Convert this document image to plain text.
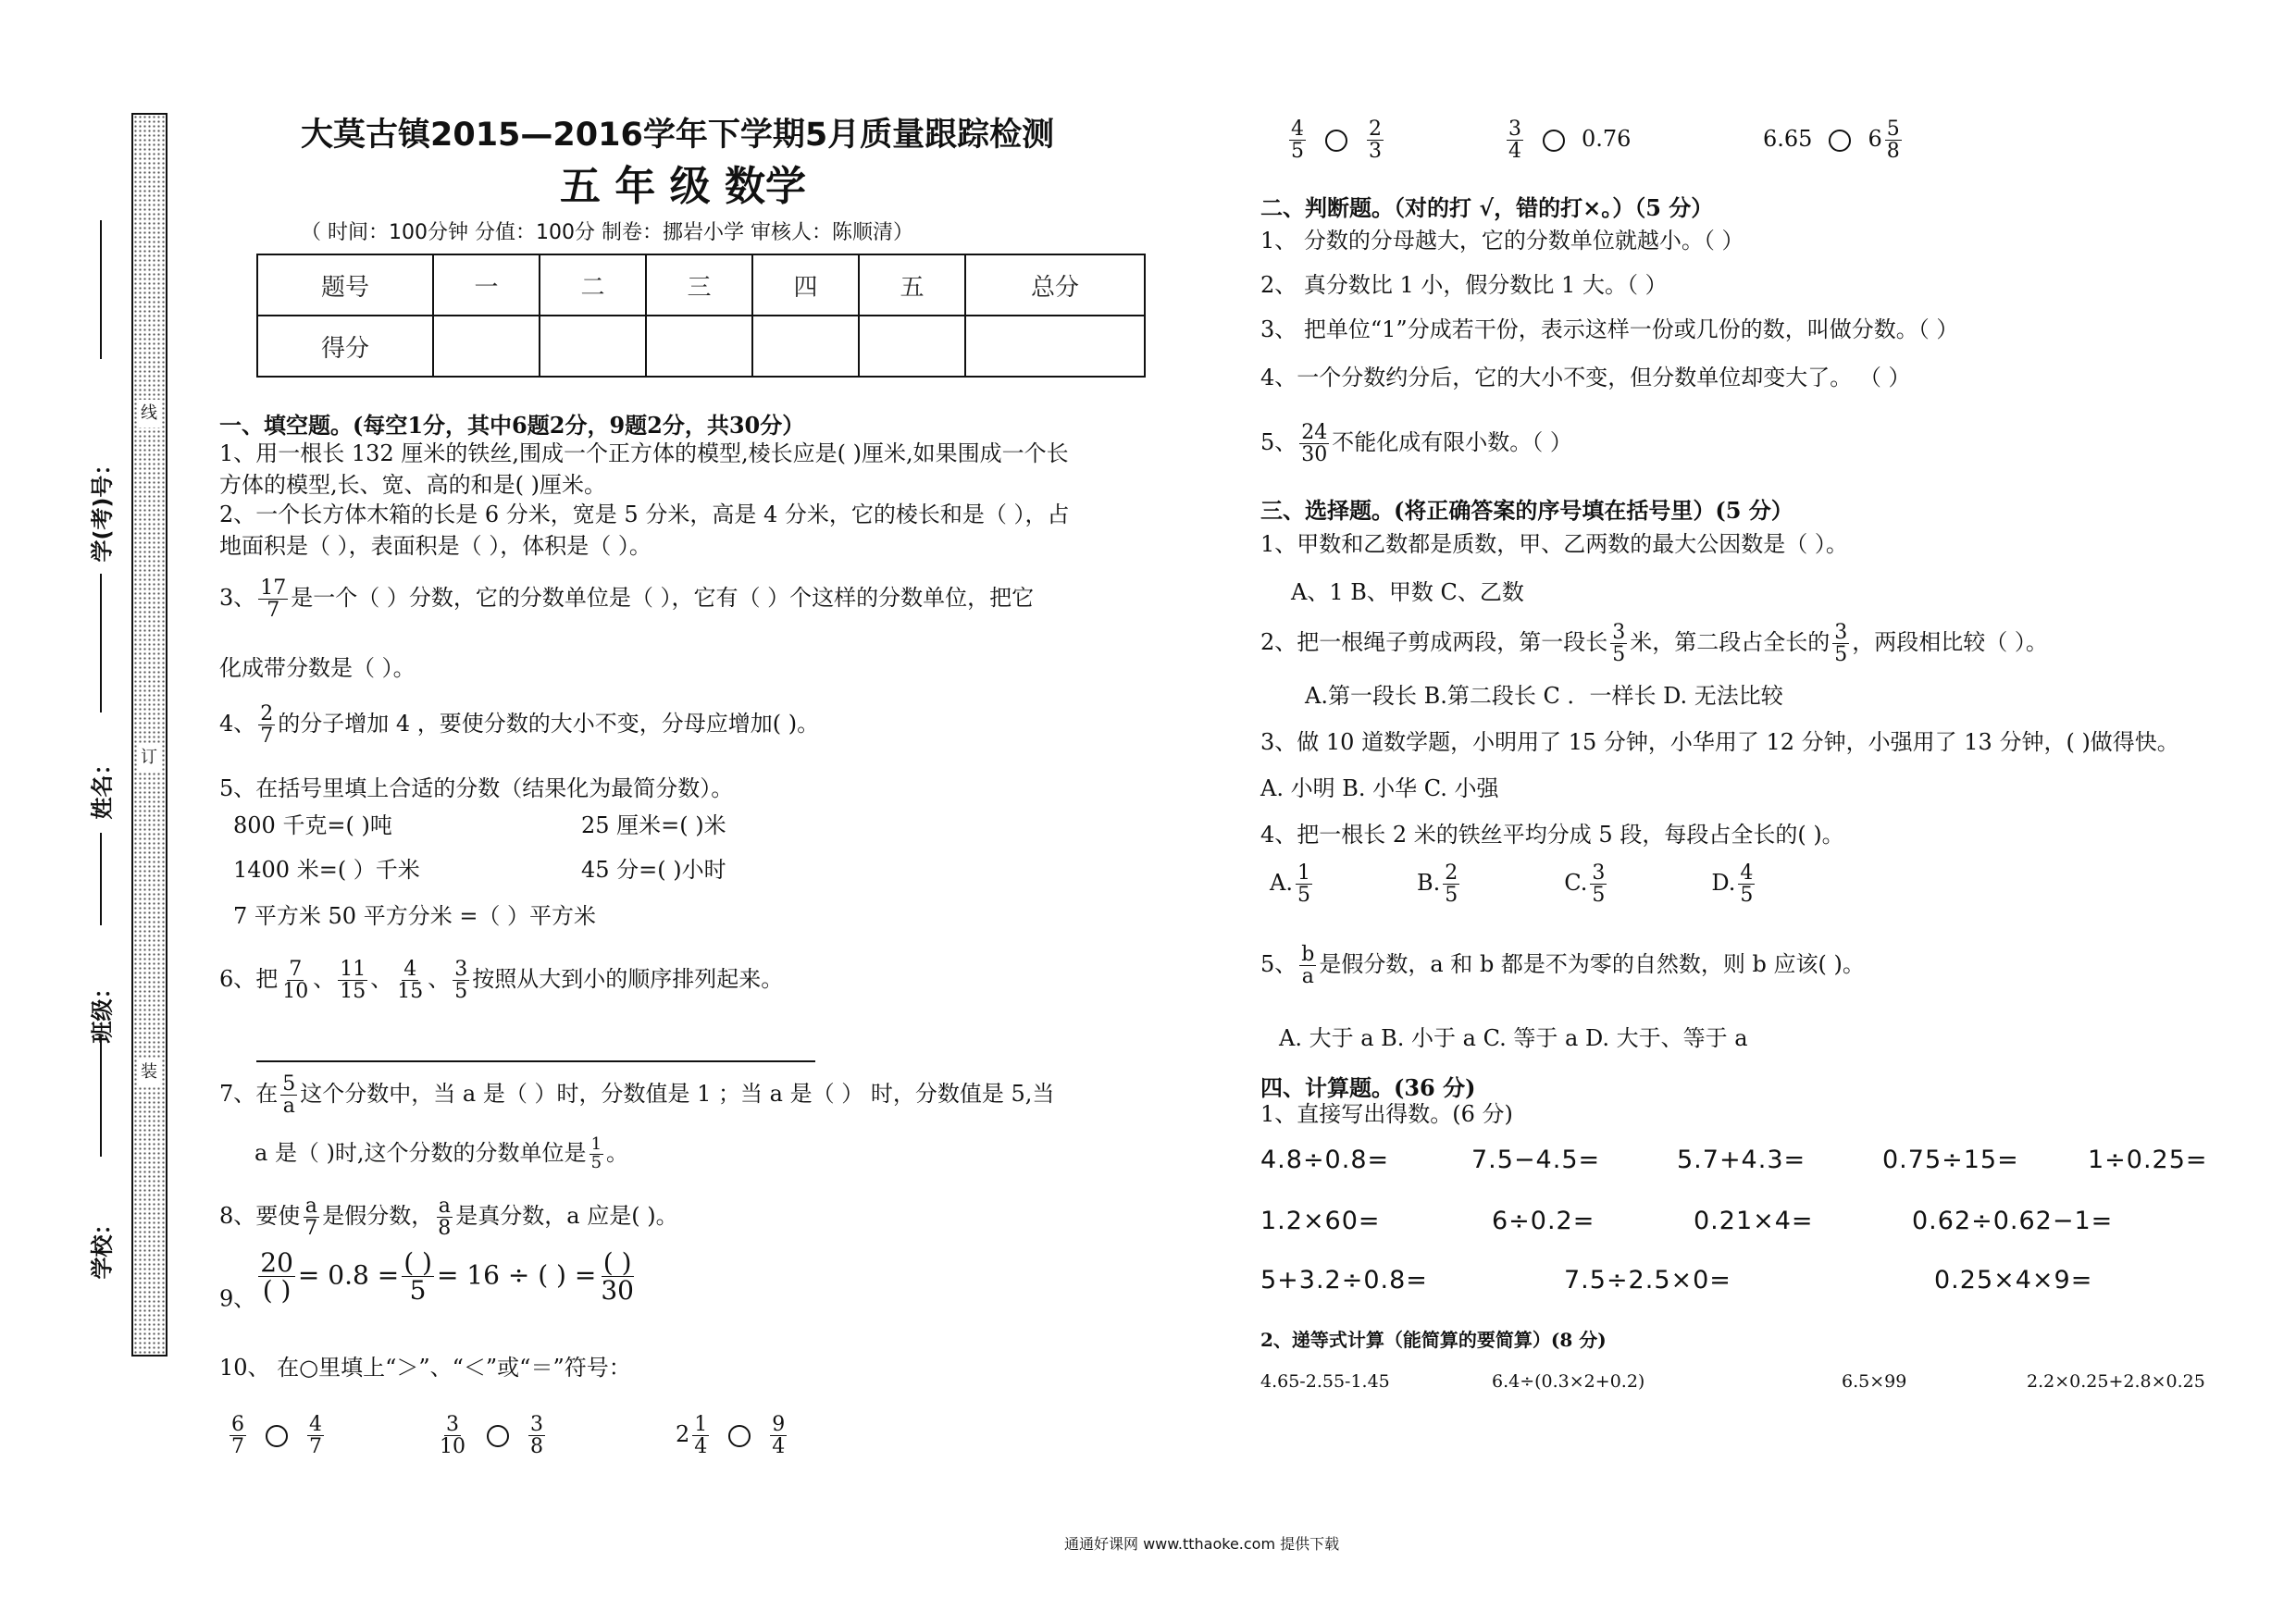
线
订
装
学(考)号：
姓名：
班级：
学校：
大莫古镇2015—2016学年下学期5月质量跟踪检测
五 年 级 数学
（ 时间：100分钟 分值：100分 制卷：挪岩小学 审核人：陈顺清）
题号	一	二	三	四	五	总分
得分						
一、填空题。(每空1分，其中6题2分，9题2分，共30分）
1、用一根长 132 厘米的铁丝,围成一个正方体的模型,棱长应是( )厘米,如果围成一个长
方体的模型,长、宽、高的和是( )厘米。
2、一个长方体木箱的长是 6 分米，宽是 5 分米，高是 4 分米，它的棱长和是（ ），占
地面积是（ ），表面积是（ ），体积是（ ）。
3、 $\frac{17}{7}$ 是一个（ ）分数，它的分数单位是（ ），它有（ ）个这样的分数单位，把它
化成带分数是（ ）。
4、 $\frac{2}{7}$ 的分子增加 4 ，要使分数的大小不变，分母应增加( )。
5、在括号里填上合适的分数（结果化为最简分数）。
800 千克=( )吨	25 厘米=( )米
1400 米=( ）千米	45 分=( )小时
7 平方米 50 平方分米 =（ ）平方米
6、把 $\frac{7}{10}$ 、 $\frac{11}{15}$ 、 $\frac{4}{15}$ 、 $\frac{3}{5}$ 按照从大到小的顺序排列起来。
7、在 $\frac{5}{a}$ 这个分数中，当 a 是（ ）时，分数值是 1 ；当 a 是（ ） 时，分数值是 5,当
a 是（ )时,这个分数的分数单位是 $\frac{1}{5}$ 。
8、要使 $\frac{a}{7}$ 是假分数， $\frac{a}{8}$ 是真分数，a 应是( )。
9、
20
( )
= 0.8 = ( )
5
= 16 ÷ ( ) = ( )
30
10、 在○里填上“＞”、“＜”或“＝”符号：
$\frac{6}{7}$	$\frac{4}{7}$	$\frac{3}{10}$	$\frac{3}{8}$	$2 \frac{1}{4}$	$\frac{9}{4}$
$\frac{4}{5}$	$\frac{2}{3}$	$\frac{3}{4}$	0.76	6.65	$6 \frac{5}{8}$
二、判断题。（对的打 √，错的打×。）（5 分）
1、 分数的分母越大，它的分数单位就越小。（ ）
2、 真分数比 1 小，假分数比 1 大。（ ）
3、 把单位“1”分成若干份，表示这样一份或几份的数，叫做分数。（ ）
4、一个分数约分后，它的大小不变，但分数单位却变大了。 （ ）
5、 $\frac{24}{30}$ 不能化成有限小数。（ ）
三、选择题。(将正确答案的序号填在括号里）(5 分）
1、甲数和乙数都是质数，甲、乙两数的最大公因数是（ ）。
A、1 B、甲数 C、乙数
2、把一根绳子剪成两段，第一段长 $\frac{3}{5}$ 米，第二段占全长的 $\frac{3}{5}$ ，两段相比较（ ）。
A.第一段长 B.第二段长 C ．一样长 D. 无法比较
3、做 10 道数学题，小明用了 15 分钟，小华用了 12 分钟，小强用了 13 分钟，( )做得快。
A. 小明 B. 小华 C. 小强
4、把一根长 2 米的铁丝平均分成 5 段，每段占全长的( )。
A. $\frac{1}{5}$	B. $\frac{2}{5}$	C. $\frac{3}{5}$	D. $\frac{4}{5}$
5、 $\frac{b}{a}$ 是假分数，a 和 b 都是不为零的自然数，则 b 应该( )。
A. 大于 a B. 小于 a C. 等于 a D. 大于、等于 a
四、计算题。(36 分)
1、直接写出得数。(6 分)
4.8÷0.8=	7.5−4.5=	5.7+4.3=	0.75÷15=	1÷0.25=
1.2×60=	6÷0.2=	0.21×4=	0.62÷0.62−1=
5+3.2÷0.8=	7.5÷2.5×0=	0.25×4×9=
2、递等式计算（能简算的要简算）(8 分)
4.65-2.55-1.45	6.4÷(0.3×2+0.2)	6.5×99	2.2×0.25+2.8×0.25
通通好课网 www.tthaoke.com 提供下载
